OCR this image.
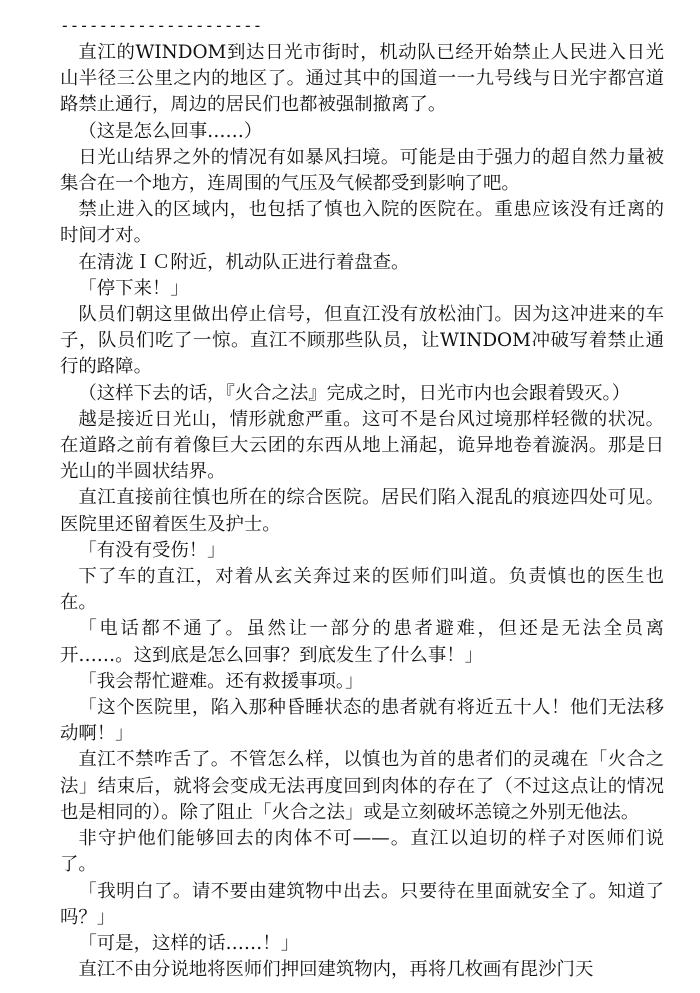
---------------------

直江的WINDOM到达日光市街时，机动队已经开始禁止人民进入日光山半径三公里之内的地区了。通过其中的国道一一九号线与日光宇都宫道路禁止通行，周边的居民们也都被强制撤离了。

（这是怎么回事……）

日光山结界之外的情况有如暴风扫境。可能是由于强力的超自然力量被集合在一个地方，连周围的气压及气候都受到影响了吧。

禁止进入的区域内，也包括了慎也入院的医院在。重患应该没有迁离的时间才对。

在清泷ＩＣ附近，机动队正进行着盘查。

「停下来！」

队员们朝这里做出停止信号，但直江没有放松油门。因为这冲进来的车子，队员们吃了一惊。直江不顾那些队员，让WINDOM冲破写着禁止通行的路障。

（这样下去的话，『火合之法』完成之时，日光市内也会跟着毁灭。）

越是接近日光山，情形就愈严重。这可不是台风过境那样轻微的状况。在道路之前有着像巨大云团的东西从地上涌起，诡异地卷着漩涡。那是日光山的半圆状结界。

直江直接前往慎也所在的综合医院。居民们陷入混乱的痕迹四处可见。医院里还留着医生及护士。

「有没有受伤！」

下了车的直江，对着从玄关奔过来的医师们叫道。负责慎也的医生也在。

「电话都不通了。虽然让一部分的患者避难，但还是无法全员离开……。这到底是怎么回事？到底发生了什么事！」

「我会帮忙避难。还有救援事项。」

「这个医院里，陷入那种昏睡状态的患者就有将近五十人！他们无法移动啊！」

直江不禁咋舌了。不管怎么样，以慎也为首的患者们的灵魂在「火合之法」结束后，就将会变成无法再度回到肉体的存在了（不过这点让的情况也是相同的）。除了阻止「火合之法」或是立刻破坏恙镜之外别无他法。

非守护他们能够回去的肉体不可——。直江以迫切的样子对医师们说了。

「我明白了。请不要由建筑物中出去。只要待在里面就安全了。知道了吗？」

「可是，这样的话……！」

直江不由分说地将医师们押回建筑物内，再将几枚画有毘沙门天
